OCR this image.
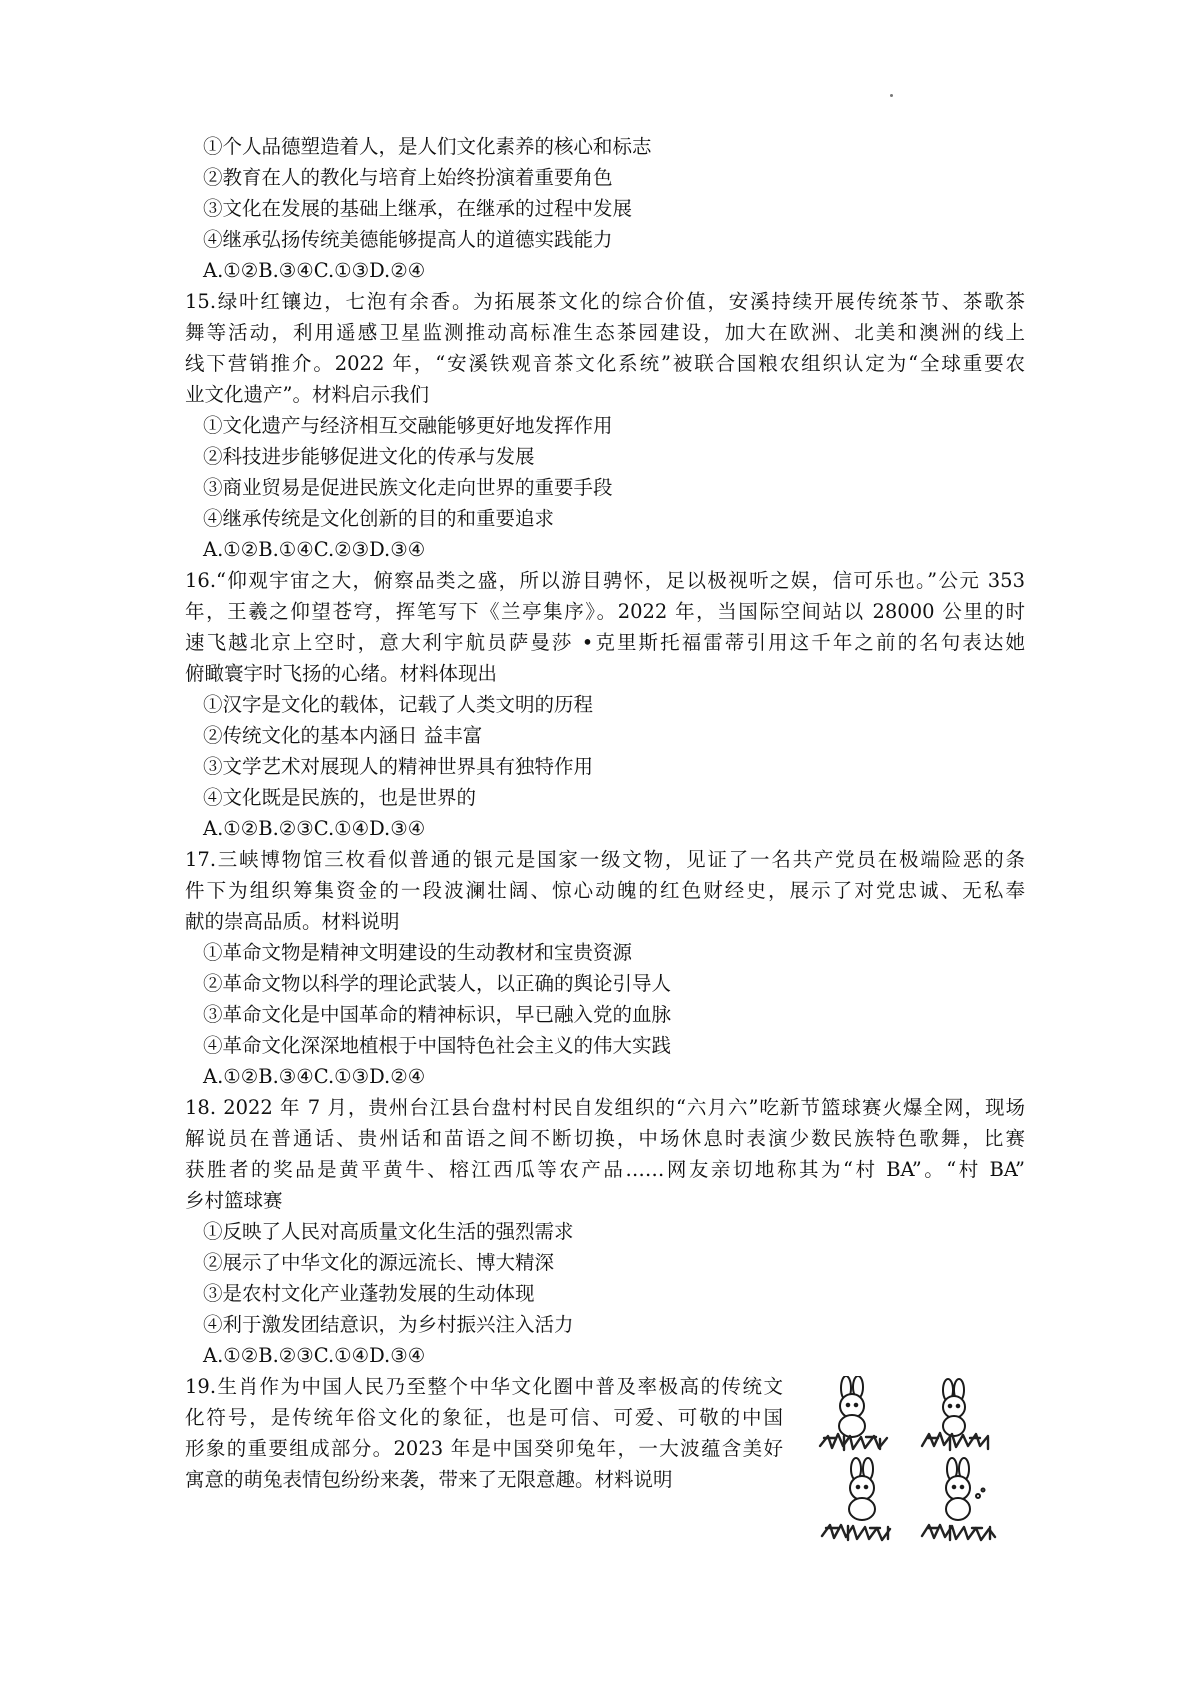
①个人品德塑造着人，是人们文化素养的核心和标志
②教育在人的教化与培育上始终扮演着重要角色
③文化在发展的基础上继承，在继承的过程中发展
④继承弘扬传统美德能够提高人的道德实践能力
A.①②B.③④C.①③D.②④
15.绿叶红镶边，七泡有余香。为拓展茶文化的综合价值，安溪持续开展传统茶节、茶歌茶
舞等活动，利用遥感卫星监测推动高标准生态茶园建设，加大在欧洲、北美和澳洲的线上
线下营销推介。2022 年，“安溪铁观音茶文化系统”被联合国粮农组织认定为“全球重要农
业文化遗产”。材料启示我们
①文化遗产与经济相互交融能够更好地发挥作用
②科技进步能够促进文化的传承与发展
③商业贸易是促进民族文化走向世界的重要手段
④继承传统是文化创新的目的和重要追求
A.①②B.①④C.②③D.③④
16.“仰观宇宙之大，俯察品类之盛，所以游目骋怀，足以极视听之娱，信可乐也。”公元 353
年，王羲之仰望苍穹，挥笔写下《兰亭集序》。2022 年，当国际空间站以 28000 公里的时
速飞越北京上空时，意大利宇航员萨曼莎 •克里斯托福雷蒂引用这千年之前的名句表达她
俯瞰寰宇时飞扬的心绪。材料体现出
①汉字是文化的载体，记载了人类文明的历程
②传统文化的基本内涵日 益丰富
③文学艺术对展现人的精神世界具有独特作用
④文化既是民族的，也是世界的
A.①②B.②③C.①④D.③④
17.三峡博物馆三枚看似普通的银元是国家一级文物，见证了一名共产党员在极端险恶的条
件下为组织筹集资金的一段波澜壮阔、惊心动魄的红色财经史，展示了对党忠诚、无私奉
献的崇高品质。材料说明
①革命文物是精神文明建设的生动教材和宝贵资源
②革命文物以科学的理论武装人，以正确的舆论引导人
③革命文化是中国革命的精神标识，早已融入党的血脉
④革命文化深深地植根于中国特色社会主义的伟大实践
A.①②B.③④C.①③D.②④
18. 2022 年 7 月，贵州台江县台盘村村民自发组织的“六月六”吃新节篮球赛火爆全网，现场
解说员在普通话、贵州话和苗语之间不断切换，中场休息时表演少数民族特色歌舞，比赛
获胜者的奖品是黄平黄牛、榕江西瓜等农产品……网友亲切地称其为“村 BA”。“村 BA”
乡村篮球赛
①反映了人民对高质量文化生活的强烈需求
②展示了中华文化的源远流长、博大精深
③是农村文化产业蓬勃发展的生动体现
④利于激发团结意识，为乡村振兴注入活力
A.①②B.②③C.①④D.③④
19.生肖作为中国人民乃至整个中华文化圈中普及率极高的传统文
化符号，是传统年俗文化的象征，也是可信、可爱、可敬的中国
形象的重要组成部分。2023 年是中国癸卯兔年，一大波蕴含美好
寓意的萌兔表情包纷纷来袭，带来了无限意趣。材料说明
